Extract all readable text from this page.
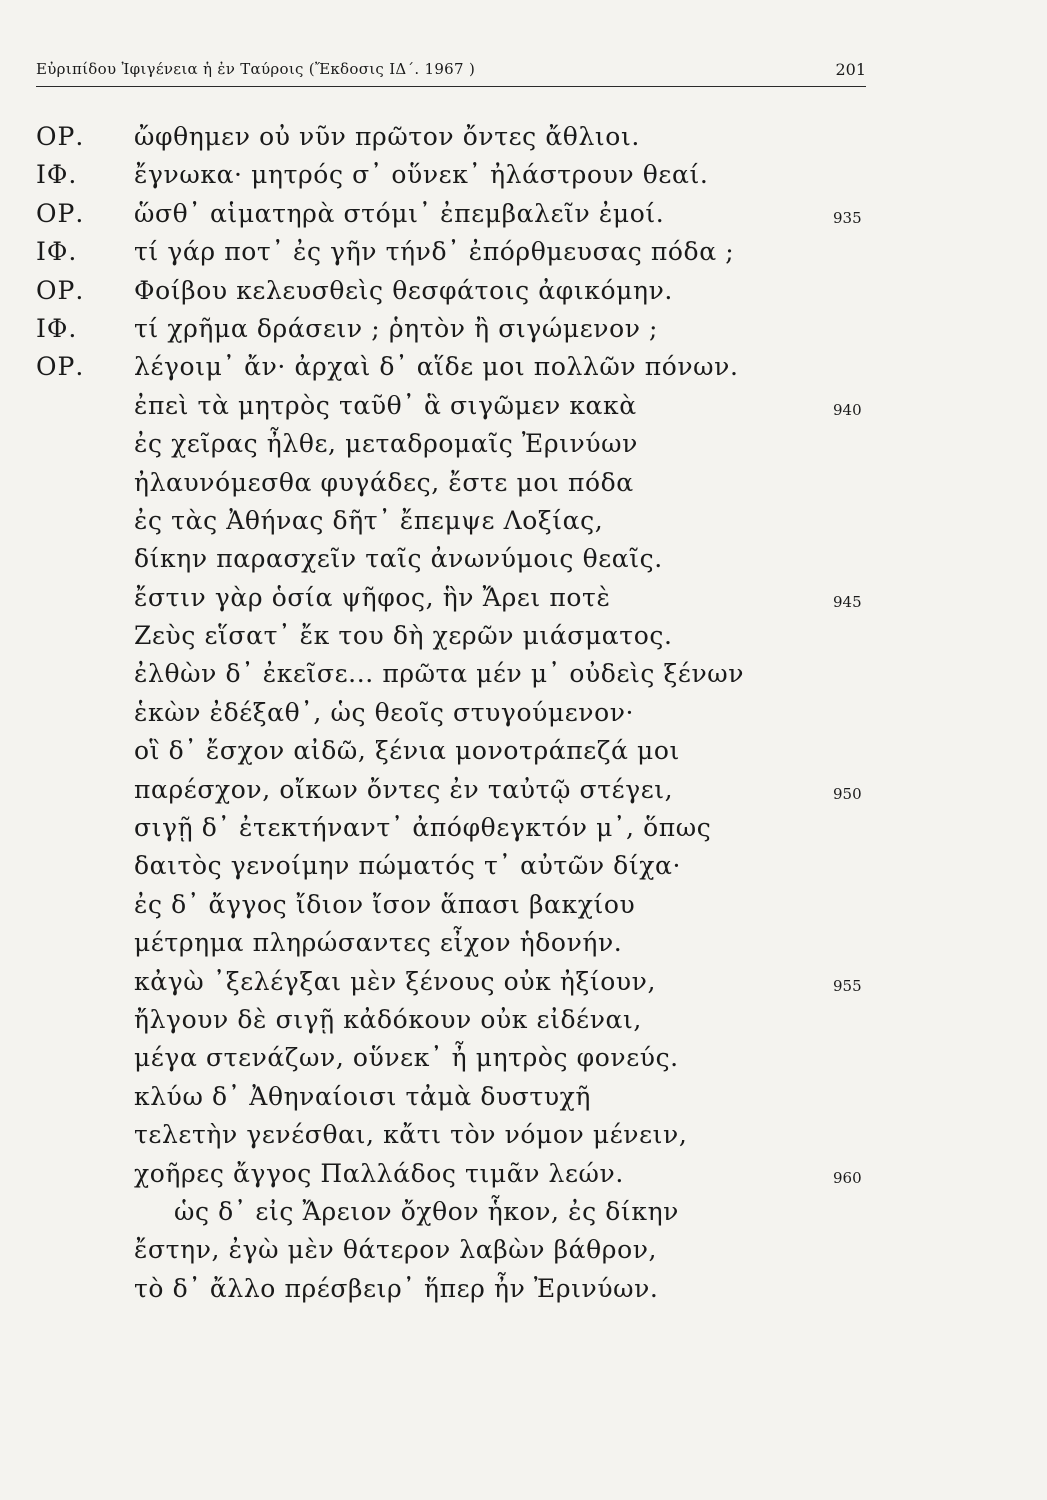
Εὐριπίδου Ἰφιγένεια ἡ ἐν Ταύροις (Ἔκδοσις ΙΔ΄. 1967 )	201
ΟΡ. ὤφθημεν οὐ νῦν πρῶτον ὄντες ἄθλιοι.
ΙΦ. ἔγνωκα· μητρός σ᾽ οὕνεκ᾽ ἠλάστρουν θεαί.
ΟΡ. ὥσθ᾽ αἱματηρὰ στόμι᾽ ἐπεμβαλεῖν ἐμοί.	935
ΙΦ. τί γάρ ποτ᾽ ἐς γῆν τήνδ᾽ ἐπόρθμευσας πόδα ;
ΟΡ. Φοίβου κελευσθεὶς θεσφάτοις ἀφικόμην.
ΙΦ. τί χρῆμα δράσειν ; ῥητὸν ἢ σιγώμενον ;
ΟΡ. λέγοιμ᾽ ἄν· ἀρχαὶ δ᾽ αἵδε μοι πολλῶν πόνων.
ἐπεὶ τὰ μητρὸς ταῦθ᾽ ἃ σιγῶμεν κακὰ	940
ἐς χεῖρας ἦλθε, μεταδρομαῖς Ἐρινύων
ἠλαυνόμεσθα φυγάδες, ἔστε μοι πόδα
ἐς τὰς Ἀθήνας δῆτ᾽ ἔπεμψε Λοξίας,
δίκην παρασχεῖν ταῖς ἀνωνύμοις θεαῖς.
ἔστιν γὰρ ὁσία ψῆφος, ἣν Ἄρει ποτὲ	945
Ζεὺς εἵσατ᾽ ἔκ του δὴ χερῶν μιάσματος.
ἐλθὼν δ᾽ ἐκεῖσε... πρῶτα μέν μ᾽ οὐδεὶς ξένων
ἑκὼν ἐδέξαθ᾽, ὡς θεοῖς στυγούμενον·
οἳ δ᾽ ἔσχον αἰδῶ, ξένια μονοτράπεζά μοι
παρέσχον, οἴκων ὄντες ἐν ταὐτῷ στέγει,	950
σιγῇ δ᾽ ἐτεκτήναντ᾽ ἀπόφθεγκτόν μ᾽, ὅπως
δαιτὸς γενοίμην πώματός τ᾽ αὐτῶν δίχα·
ἐς δ᾽ ἄγγος ἴδιον ἴσον ἅπασι βακχίου
μέτρημα πληρώσαντες εἶχον ἡδονήν.
κἀγὼ ᾽ξελέγξαι μὲν ξένους οὐκ ἠξίουν,	955
ἤλγουν δὲ σιγῇ κἀδόκουν οὐκ εἰδέναι,
μέγα στενάζων, οὕνεκ᾽ ἦ μητρὸς φονεύς.
κλύω δ᾽ Ἀθηναίοισι τἀμὰ δυστυχῆ
τελετὴν γενέσθαι, κἄτι τὸν νόμον μένειν,
χοῆρες ἄγγος Παλλάδος τιμᾶν λεών.	960
ὡς δ᾽ εἰς Ἄρειον ὄχθον ἧκον, ἐς δίκην
ἔστην, ἐγὼ μὲν θάτερον λαβὼν βάθρον,
τὸ δ᾽ ἄλλο πρέσβειρ᾽ ἥπερ ἦν Ἐρινύων.
